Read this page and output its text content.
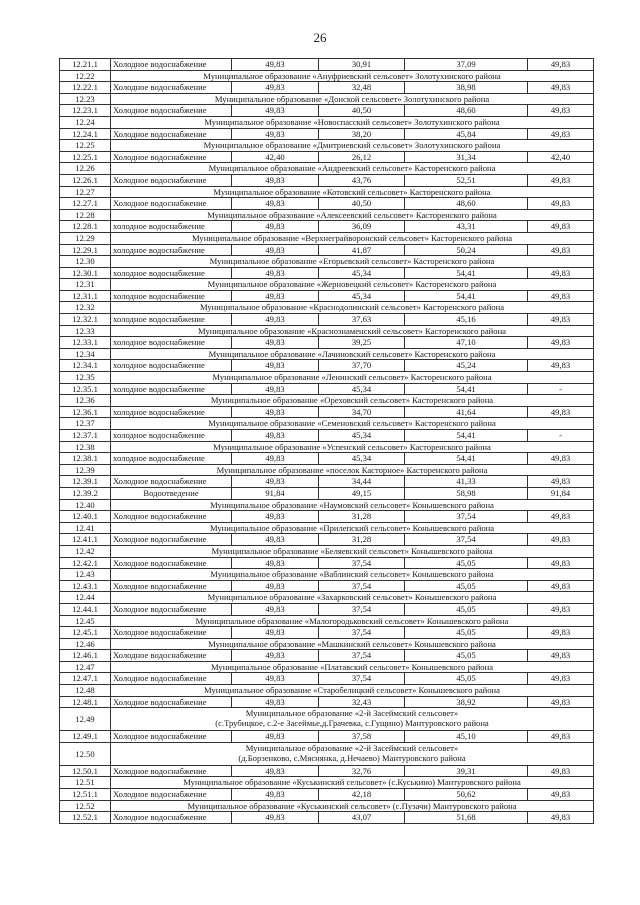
26
12.21.1	Холодное водоснабжение	49,83	30,91	37,09	49,83
12.22	Муниципальное образование «Ануфриевский сельсовет» Золотухинского района				
12.22.1	Холодное водоснабжение	49,83	32,48	38,98	49,83
12.23	Муниципальное образование «Донской сельсовет» Золотухинского района				
12.23.1	Холодное водоснабжение	49,83	40,50	48,60	49,83
12.24	Муниципальное образование «Новоспасский сельсовет» Золотухинского района				
12.24.1	Холодное водоснабжение	49,83	38,20	45,84	49,83
12.25	Муниципальное образование «Дмитриевский сельсовет» Золотухинского района				
12.25.1	Холодное водоснабжение	42,40	26,12	31,34	42,40
12.26	Муниципальное образование «Андреевский сельсовет» Касторенского района				
12.26.1	Холодное водоснабжение	49,83	43,76	52,51	49,83
12.27	Муниципальное образование «Котовский сельсовет» Касторенского района				
12.27.1	Холодное водоснабжение	49,83	40,50	48,60	49,83
12.28	Муниципальное образование «Алексеевский сельсовет» Касторенского района				
12.28.1	холодное водоснабжение	49,83	36,09	43,31	49,83
12.29	Муниципальное образование «Верхнеграйворонский сельсовет» Касторенского района				
12.29.1	холодное водоснабжение	49,83	41,87	50,24	49,83
12.30	Муниципальное образование «Егорьевский сельсовет» Касторенского района				
12.30.1	холодное водоснабжение	49,83	45,34	54,41	49,83
12.31	Муниципальное образование «Жерновецкий сельсовет» Касторенского района				
12.31.1	холодное водоснабжение	49,83	45,34	54,41	49,83
12.32	Муниципальное образование «Краснодолинский сельсовет» Касторенского района				
12.32.1	холодное водоснабжение	49,83	37,63	45,16	49,83
12.33	Муниципальное образование «Краснознаменский сельсовет» Касторенского района				
12.33.1	холодное водоснабжение	49,83	39,25	47,10	49,83
12.34	Муниципальное образование «Лачиновский сельсовет» Касторенского района				
12.34.1	холодное водоснабжение	49,83	37,70	45,24	49,83
12.35	Муниципальное образование «Ленинский сельсовет» Касторенского района				
12.35.1	холодное водоснабжение	49,83	45,34	54,41	-
12.36	Муниципальное образование «Ореховский сельсовет» Касторенского района				
12.36.1	холодное водоснабжение	49,83	34,70	41,64	49,83
12.37	Муниципальное образование «Семеновский сельсовет» Касторенского района				
12.37.1	холодное водоснабжение	49,83	45,34	54,41	-
12.38	Муниципальное образование «Успенский сельсовет» Касторенского района				
12.38.1	холодное водоснабжение	49,83	45,34	54,41	49,83
12.39	Муниципальное образование «поселок Касторное» Касторенского района				
12.39.1	Холодное водоснабжение	49,83	34,44	41,33	49,83
12.39.2	Водоотведение	91,84	49,15	58,98	91,84
12.40	Муниципальное образование «Наумовский сельсовет» Конышевского района				
12.40.1	Холодное водоснабжение	49,83	31,28	37,54	49,83
12.41	Муниципальное образование «Прилепский сельсовет» Конышевского района				
12.41.1	Холодное водоснабжение	49,83	31,28	37,54	49,83
12.42	Муниципальное образование «Беляевский сельсовет» Конышевского района				
12.42.1	Холодное водоснабжение	49,83	37,54	45,05	49,83
12.43	Муниципальное образование «Ваблинский сельсовет» Конышевского района				
12.43.1	Холодное водоснабжение	49,83	37,54	45,05	49,83
12.44	Муниципальное образование «Захарковский сельсовет» Конышевского района				
12.44.1	Холодное водоснабжение	49,83	37,54	45,05	49,83
12.45	Муниципальное образование «Малогородьковский сельсовет» Конышевского района				
12.45.1	Холодное водоснабжение	49,83	37,54	45,05	49,83
12.46	Муниципальное образование «Машкинский сельсовет» Конышевского района				
12.46.1	Холодное водоснабжение	49,83	37,54	45,05	49,83
12.47	Муниципальное образование «Платавский сельсовет» Конышевского района				
12.47.1	Холодное водоснабжение	49,83	37,54	45,05	49,83
12.48	Муниципальное образование «Старобелицкий сельсовет» Конышевского района				
12.48.1	Холодное водоснабжение	49,83	32,43	38,92	49,83
12.49	Муниципальное образование «2-й Засеймский сельсовет»
(с.Трубицкое, с.2-е Засеймье,д.Грачевка, с.Гущино) Мантуровского района				

12.49.1	Холодное водоснабжение	49,83	37,58	45,10	49,83
12.50	Муниципальное образование «2-й Засеймский сельсовет»
(д.Борзенково, с.Мяснянка, д.Нечаево) Мантуровского района				

12.50.1	Холодное водоснабжение	49,83	32,76	39,31	49,83
12.51	Муниципальное образование «Куськинский сельсовет» (с.Куськино) Мантуровского района				
12.51.1	Холодное водоснабжение	49,83	42,18	50,62	49,83
12.52	Муниципальное образование «Куськинский сельсовет» (с.Пузачи) Мантуровского района				
12.52.1	Холодное водоснабжение	49,83	43,07	51,68	49,83
